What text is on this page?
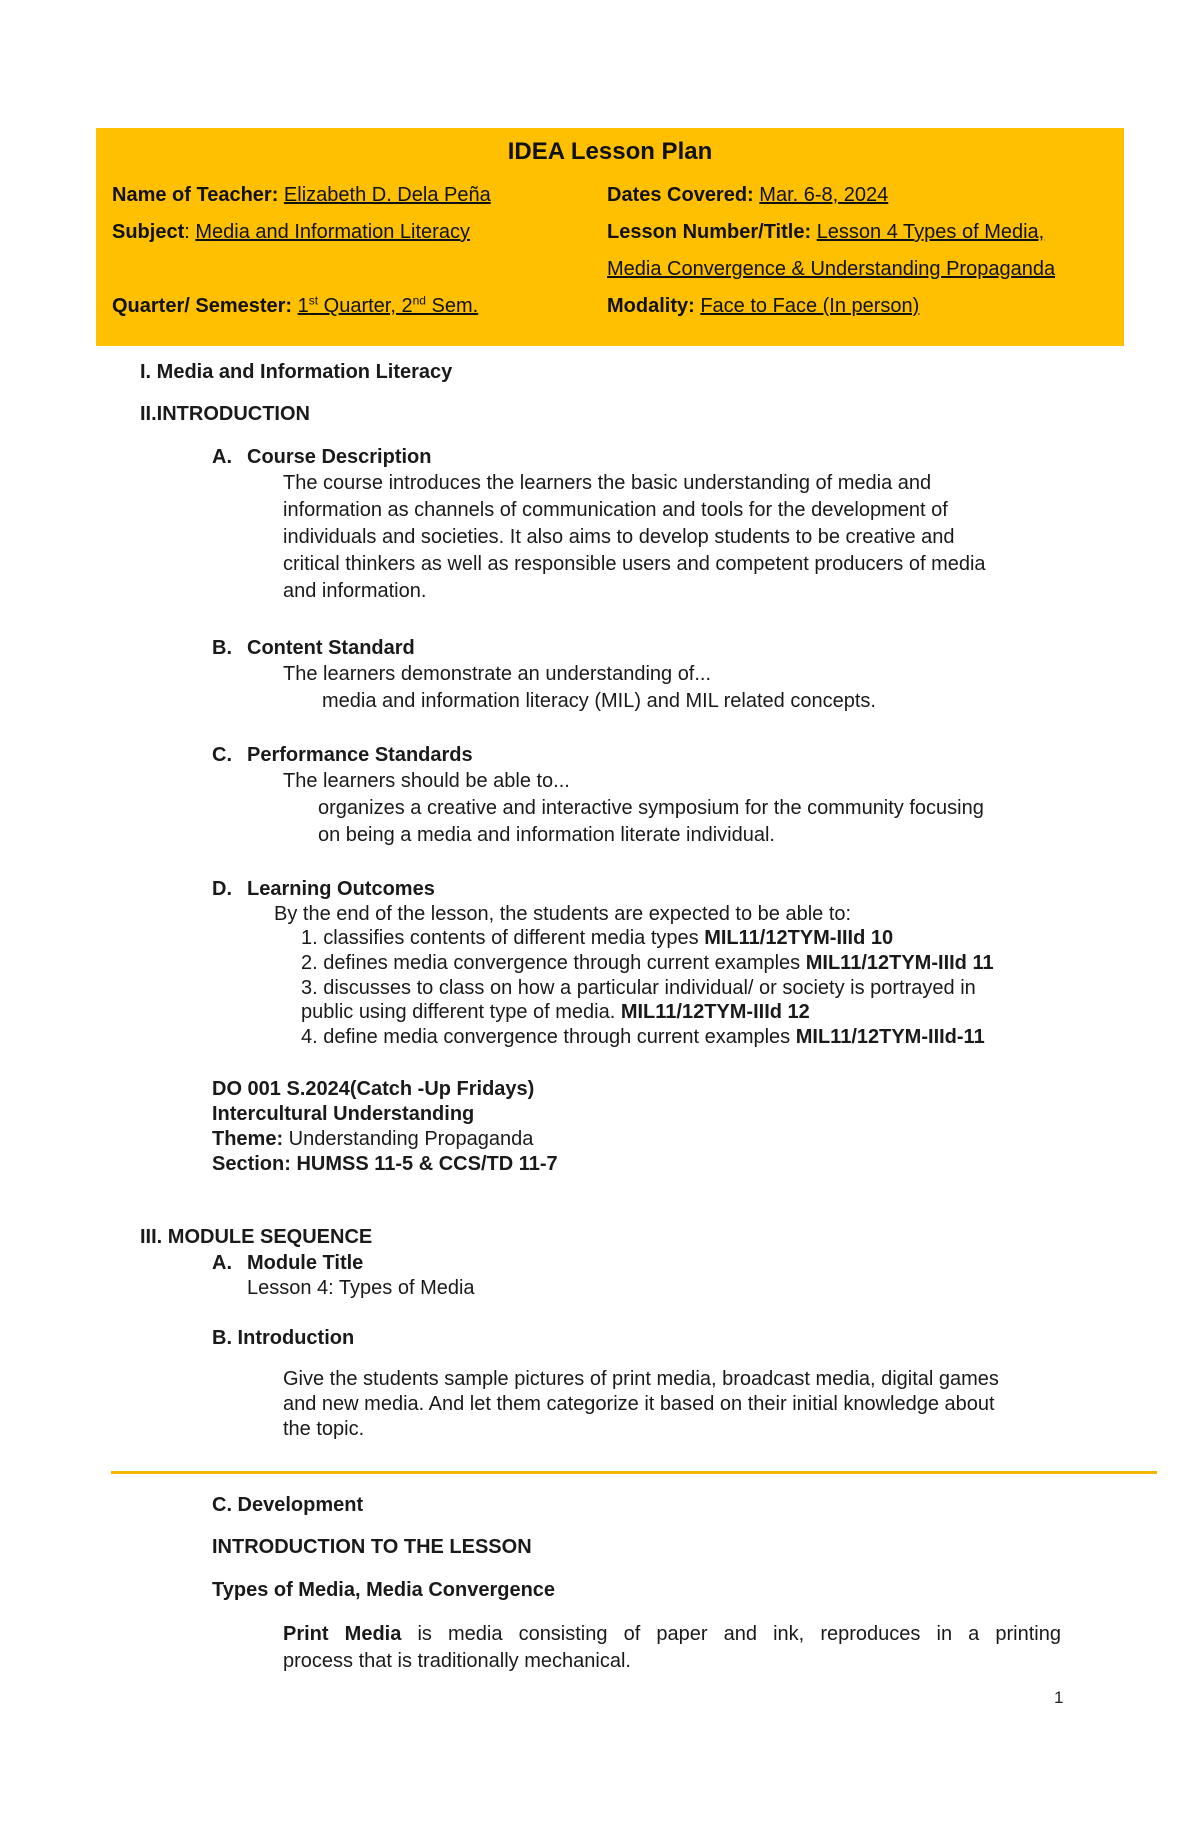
IDEA Lesson Plan
Name of Teacher: Elizabeth D. Dela Peña	Dates Covered: Mar. 6-8, 2024
Subject: Media and Information Literacy	Lesson Number/Title: Lesson 4 Types of Media,
Media Convergence & Understanding Propaganda
Quarter/ Semester: 1st Quarter, 2nd Sem.	Modality: Face to Face (In person)
I. Media and Information Literacy
II.INTRODUCTION
A. Course Description
The course introduces the learners the basic understanding of media and
information as channels of communication and tools for the development of
individuals and societies. It also aims to develop students to be creative and
critical thinkers as well as responsible users and competent producers of media
and information.
B. Content Standard
The learners demonstrate an understanding of...
media and information literacy (MIL) and MIL related concepts.
C. Performance Standards
The learners should be able to...
organizes a creative and interactive symposium for the community focusing
on being a media and information literate individual.
D. Learning Outcomes
By the end of the lesson, the students are expected to be able to:
1. classifies contents of different media types MIL11/12TYM-IIId 10
2. defines media convergence through current examples MIL11/12TYM-IIId 11
3. discusses to class on how a particular individual/ or society is portrayed in
public using different type of media. MIL11/12TYM-IIId 12
4. define media convergence through current examples MIL11/12TYM-IIId-11
DO 001 S.2024(Catch -Up Fridays)
Intercultural Understanding
Theme: Understanding Propaganda
Section: HUMSS 11-5 & CCS/TD 11-7
III. MODULE SEQUENCE
A. Module Title
Lesson 4: Types of Media
B. Introduction
Give the students sample pictures of print media, broadcast media, digital games
and new media. And let them categorize it based on their initial knowledge about
the topic.
C. Development
INTRODUCTION TO THE LESSON
Types of Media, Media Convergence
Print Media is media consisting of paper and ink, reproduces in a printing
process that is traditionally mechanical.
1
